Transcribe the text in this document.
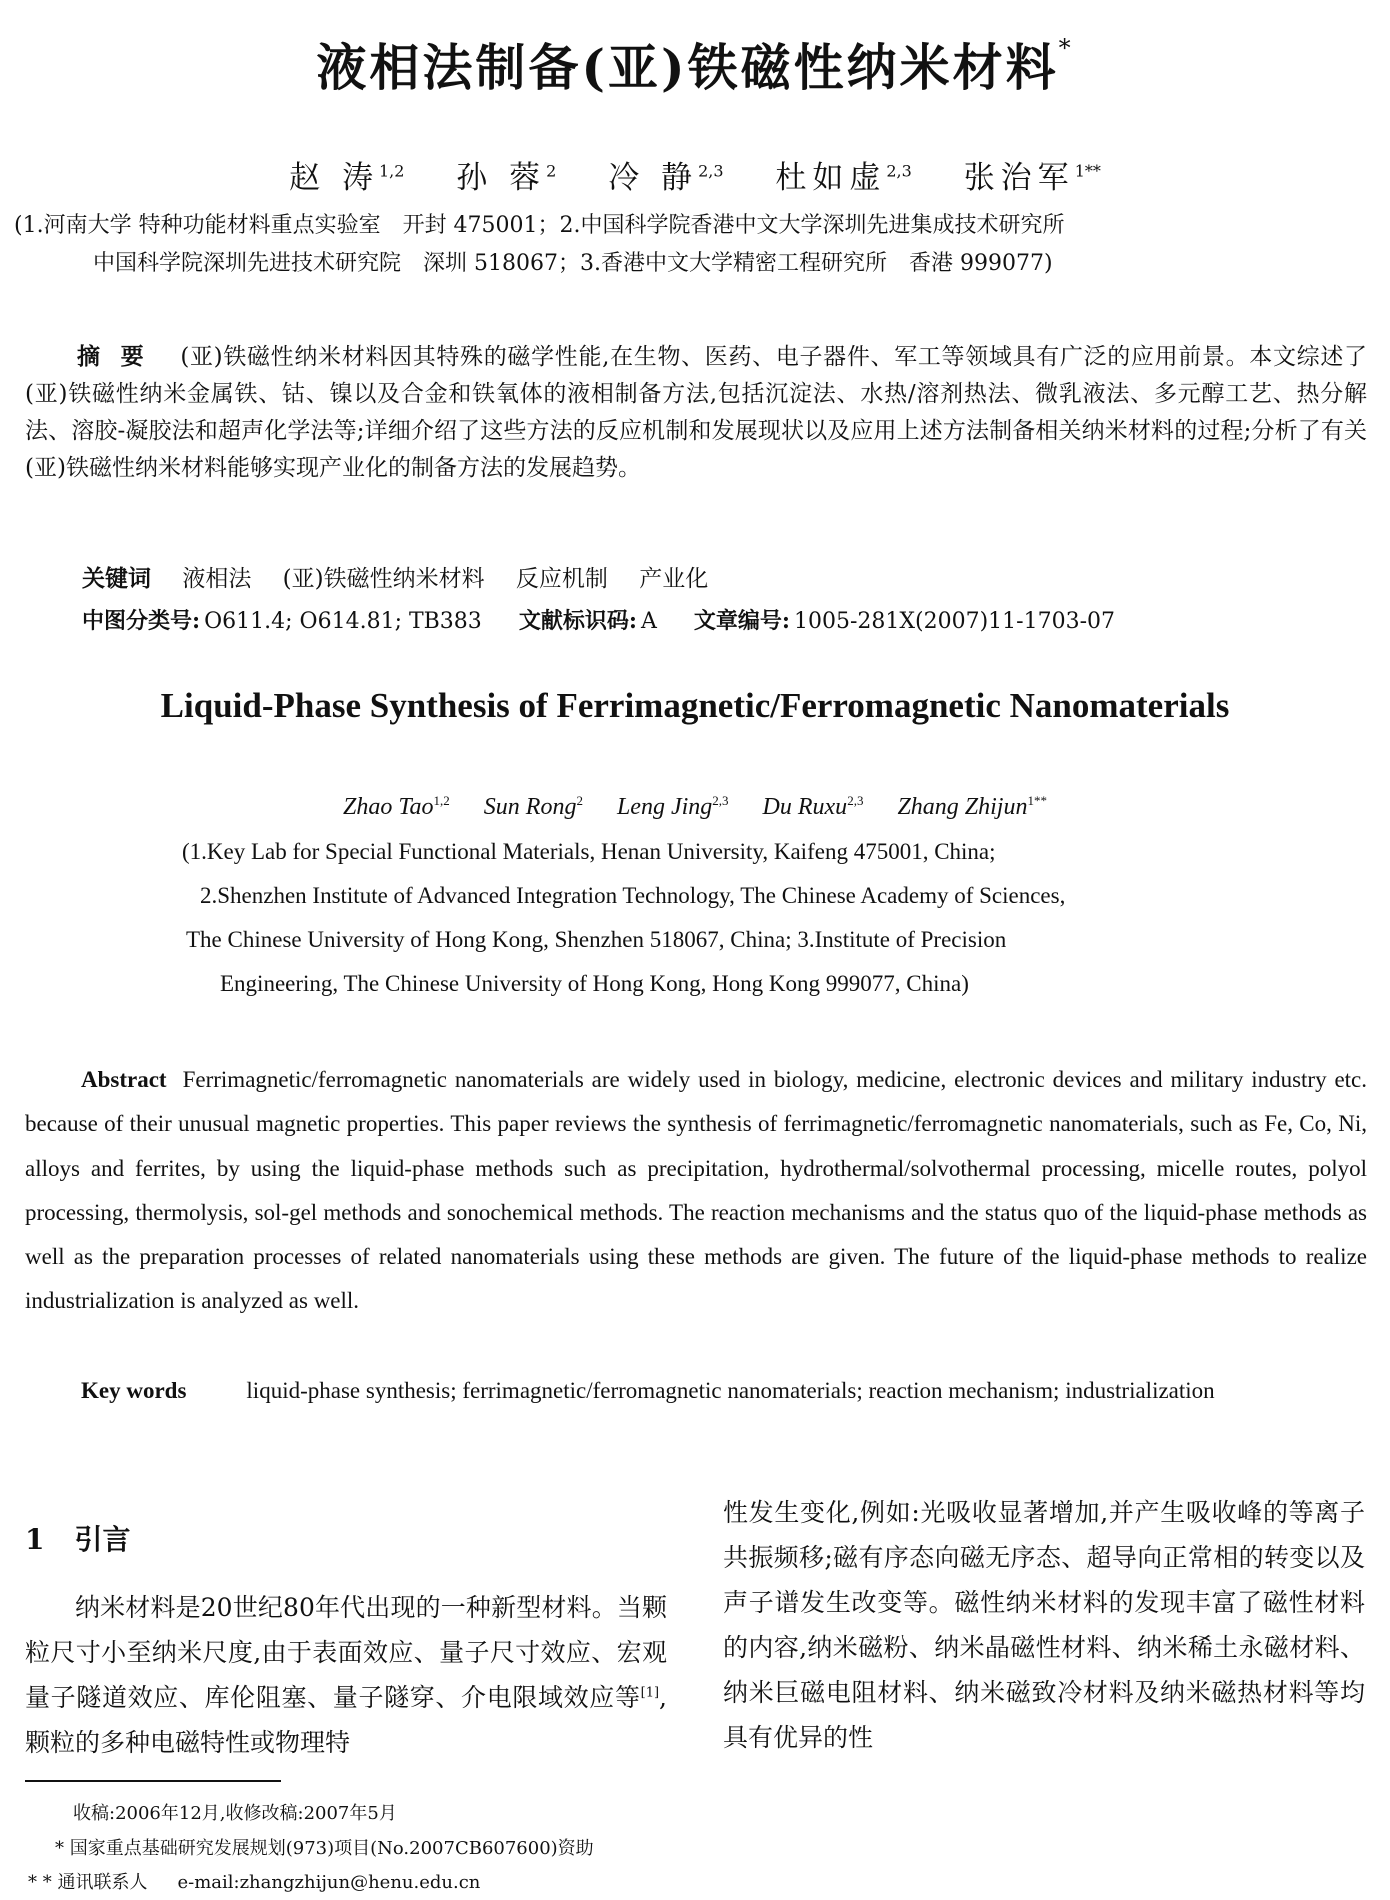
液相法制备(亚)铁磁性纳米材料*
赵 涛$^{1,2}$ 孙 蓉$^2$ 冷 静$^{2,3}$ 杜如虚$^{2,3}$ 张治军$^{1**}$
(1.河南大学 特种功能材料重点实验室　开封 475001；2.中国科学院香港中文大学深圳先进集成技术研究所
中国科学院深圳先进技术研究院　深圳 518067；3.香港中文大学精密工程研究所　香港 999077)
摘要 (亚)铁磁性纳米材料因其特殊的磁学性能,在生物、医药、电子器件、军工等领域具有广泛的应用前景。本文综述了(亚)铁磁性纳米金属铁、钴、镍以及合金和铁氧体的液相制备方法,包括沉淀法、水热/溶剂热法、微乳液法、多元醇工艺、热分解法、溶胶-凝胶法和超声化学法等;详细介绍了这些方法的反应机制和发展现状以及应用上述方法制备相关纳米材料的过程;分析了有关(亚)铁磁性纳米材料能够实现产业化的制备方法的发展趋势。
关键词 液相法 (亚)铁磁性纳米材料 反应机制 产业化
中图分类号: O611.4; O614.81; TB383 文献标识码: A 文章编号: 1005-281X(2007)11-1703-07
Liquid-Phase Synthesis of Ferrimagnetic/Ferromagnetic Nanomaterials
Zhao Tao$^{1,2}$ Sun Rong$^2$ Leng Jing$^{2,3}$ Du Ruxu$^{2,3}$ Zhang Zhijun$^{1**}$
(1.Key Lab for Special Functional Materials, Henan University, Kaifeng 475001, China;
2.Shenzhen Institute of Advanced Integration Technology, The Chinese Academy of Sciences,
The Chinese University of Hong Kong, Shenzhen 518067, China; 3.Institute of Precision
Engineering, The Chinese University of Hong Kong, Hong Kong 999077, China)
Abstract Ferrimagnetic/ferromagnetic nanomaterials are widely used in biology, medicine, electronic devices and military industry etc. because of their unusual magnetic properties. This paper reviews the synthesis of ferrimagnetic/ferromagnetic nanomaterials, such as Fe, Co, Ni, alloys and ferrites, by using the liquid-phase methods such as precipitation, hydrothermal/solvothermal processing, micelle routes, polyol processing, thermolysis, sol-gel methods and sonochemical methods. The reaction mechanisms and the status quo of the liquid-phase methods as well as the preparation processes of related nanomaterials using these methods are given. The future of the liquid-phase methods to realize industrialization is analyzed as well.
Key words	liquid-phase synthesis; ferrimagnetic/ferromagnetic nanomaterials; reaction mechanism; industrialization
1 引言
纳米材料是20世纪80年代出现的一种新型材料。当颗粒尺寸小至纳米尺度,由于表面效应、量子尺寸效应、宏观量子隧道效应、库伦阻塞、量子隧穿、介电限域效应等[1],颗粒的多种电磁特性或物理特
性发生变化,例如:光吸收显著增加,并产生吸收峰的等离子共振频移;磁有序态向磁无序态、超导向正常相的转变以及声子谱发生改变等。磁性纳米材料的发现丰富了磁性材料的内容,纳米磁粉、纳米晶磁性材料、纳米稀土永磁材料、纳米巨磁电阻材料、纳米磁致冷材料及纳米磁热材料等均具有优异的性
收稿:2006年12月,收修改稿:2007年5月
* 国家重点基础研究发展规划(973)项目(No.2007CB607600)资助
* * 通讯联系人 e-mail:zhangzhijun@henu.edu.cn
